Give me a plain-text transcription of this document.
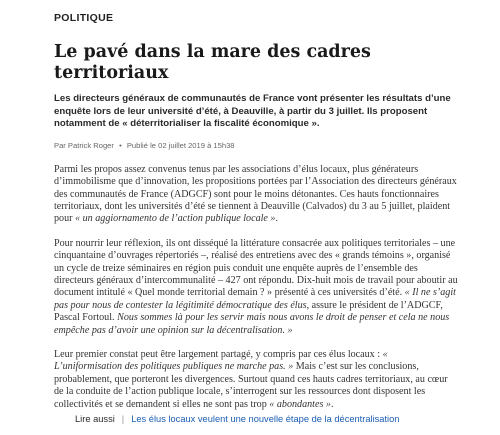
POLITIQUE
Le pavé dans la mare des cadres territoriaux

Les directeurs généraux de communautés de France vont présenter les résultats d’une enquête lors de leur université d’été, à Deauville, à partir du 3 juillet. Ils proposent notamment de « déterritorialiser la fiscalité économique ».

Par Patrick Roger • Publié le 02 juillet 2019 à 15h38

Parmi les propos assez convenus tenus par les associations d’élus locaux, plus générateurs d’immobilisme que d’innovation, les propositions portées par l’Association des directeurs généraux des communautés de France (ADGCF) sont pour le moins détonantes. Ces hauts fonctionnaires territoriaux, dont les universités d’été se tiennent à Deauville (Calvados) du 3 au 5 juillet, plaident pour « un aggiornamento de l’action publique locale ».

Pour nourrir leur réflexion, ils ont disséqué la littérature consacrée aux politiques territoriales – une cinquantaine d’ouvrages répertoriés –, réalisé des entretiens avec des « grands témoins », organisé un cycle de treize séminaires en région puis conduit une enquête auprès de l’ensemble des directeurs généraux d’intercommunalité – 427 ont répondu. Dix-huit mois de travail pour aboutir au document intitulé « Quel monde territorial demain ? » présenté à ces universités d’été. « Il ne s’agit pas pour nous de contester la légitimité démocratique des élus, assure le président de l’ADGCF, Pascal Fortoul. Nous sommes là pour les servir mais nous avons le droit de penser et cela ne nous empêche pas d’avoir une opinion sur la décentralisation. »

Leur premier constat peut être largement partagé, y compris par ces élus locaux : « L’uniformisation des politiques publiques ne marche pas. » Mais c’est sur les conclusions, probablement, que porteront les divergences. Surtout quand ces hauts cadres territoriaux, au cœur de la conduite de l’action publique locale, s’interrogent sur les ressources dont disposent les collectivités et se demandent si elles ne sont pas trop « abondantes ».

Lire aussi | Les élus locaux veulent une nouvelle étape de la décentralisation
